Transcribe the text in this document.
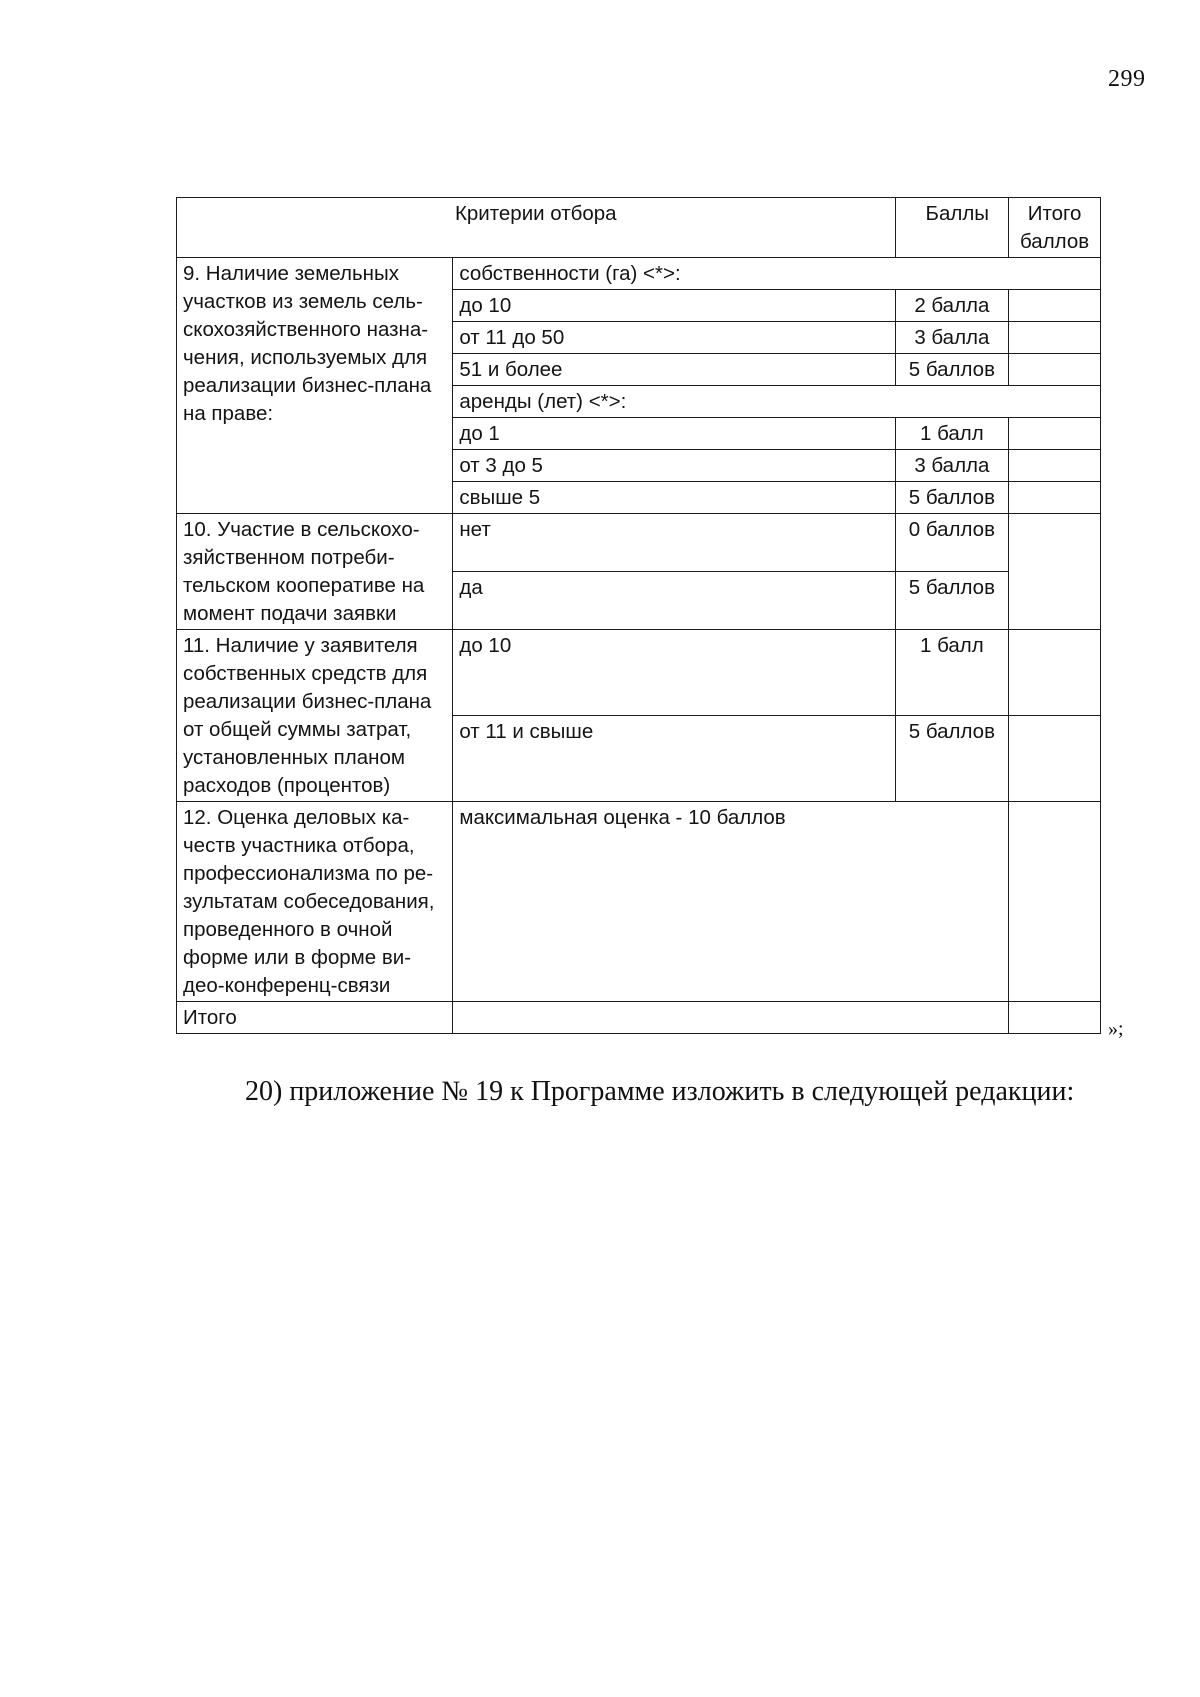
299
Критерии отбора		Баллы	Итого баллов
9. Наличие земельных участков из земель сель-скохозяйственного назна-чения, используемых для реализации бизнес-плана на праве:	собственности (га) <*>:		
	до 10	2 балла	
	от 11 до 50	3 балла	
	51 и более	5 баллов	
	аренды (лет) <*>:		
	до 1	1 балл	
	от 3 до 5	3 балла	
	свыше 5	5 баллов	
10. Участие в сельскохо-зяйственном потреби-тельском кооперативе на момент подачи заявки	нет	0 баллов	
	да	5 баллов	
11. Наличие у заявителя собственных средств для реализации бизнес-плана от общей суммы затрат, установленных планом расходов (процентов)	до 10	1 балл	
	от 11 и свыше	5 баллов	
12. Оценка деловых ка-честв участника отбора, профессионализма по ре-зультатам собеседования, проведенного в очной форме или в форме ви-део-конференц-связи	максимальная оценка - 10 баллов		
Итого				»;
20) приложение № 19 к Программе изложить в следующей редакции:
